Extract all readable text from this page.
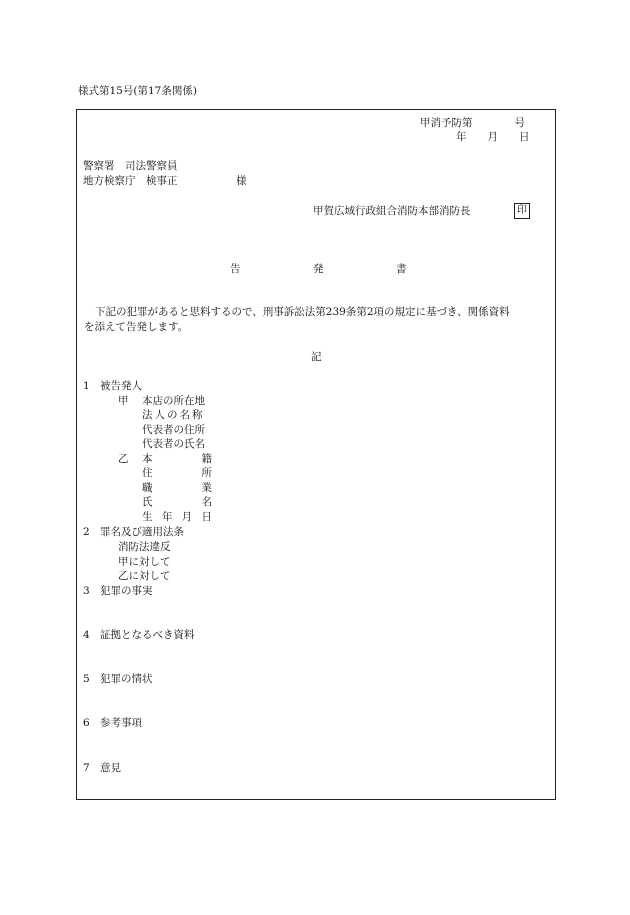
様式第15号(第17条関係)
甲消予防第　　　　号
年　　月　　日
警察署　司法警察員
地方検察庁　検事正	様
甲賀広域行政組合消防本部消防長	印
告	発	書
下記の犯罪があると思料するので、刑事訴訟法第239条第2項の規定に基づき、関係資料
を添えて告発します。
記
1 被告発人
甲 本店の所在地
法人の名称
代表者の住所
代表者の氏名
乙 本	籍
住	所
職	業
氏	名
生 年 月 日
2 罪名及び適用法条
消防法違反
甲に対して
乙に対して
3 犯罪の事実
4 証拠となるべき資料
5 犯罪の情状
6 参考事項
7 意見
